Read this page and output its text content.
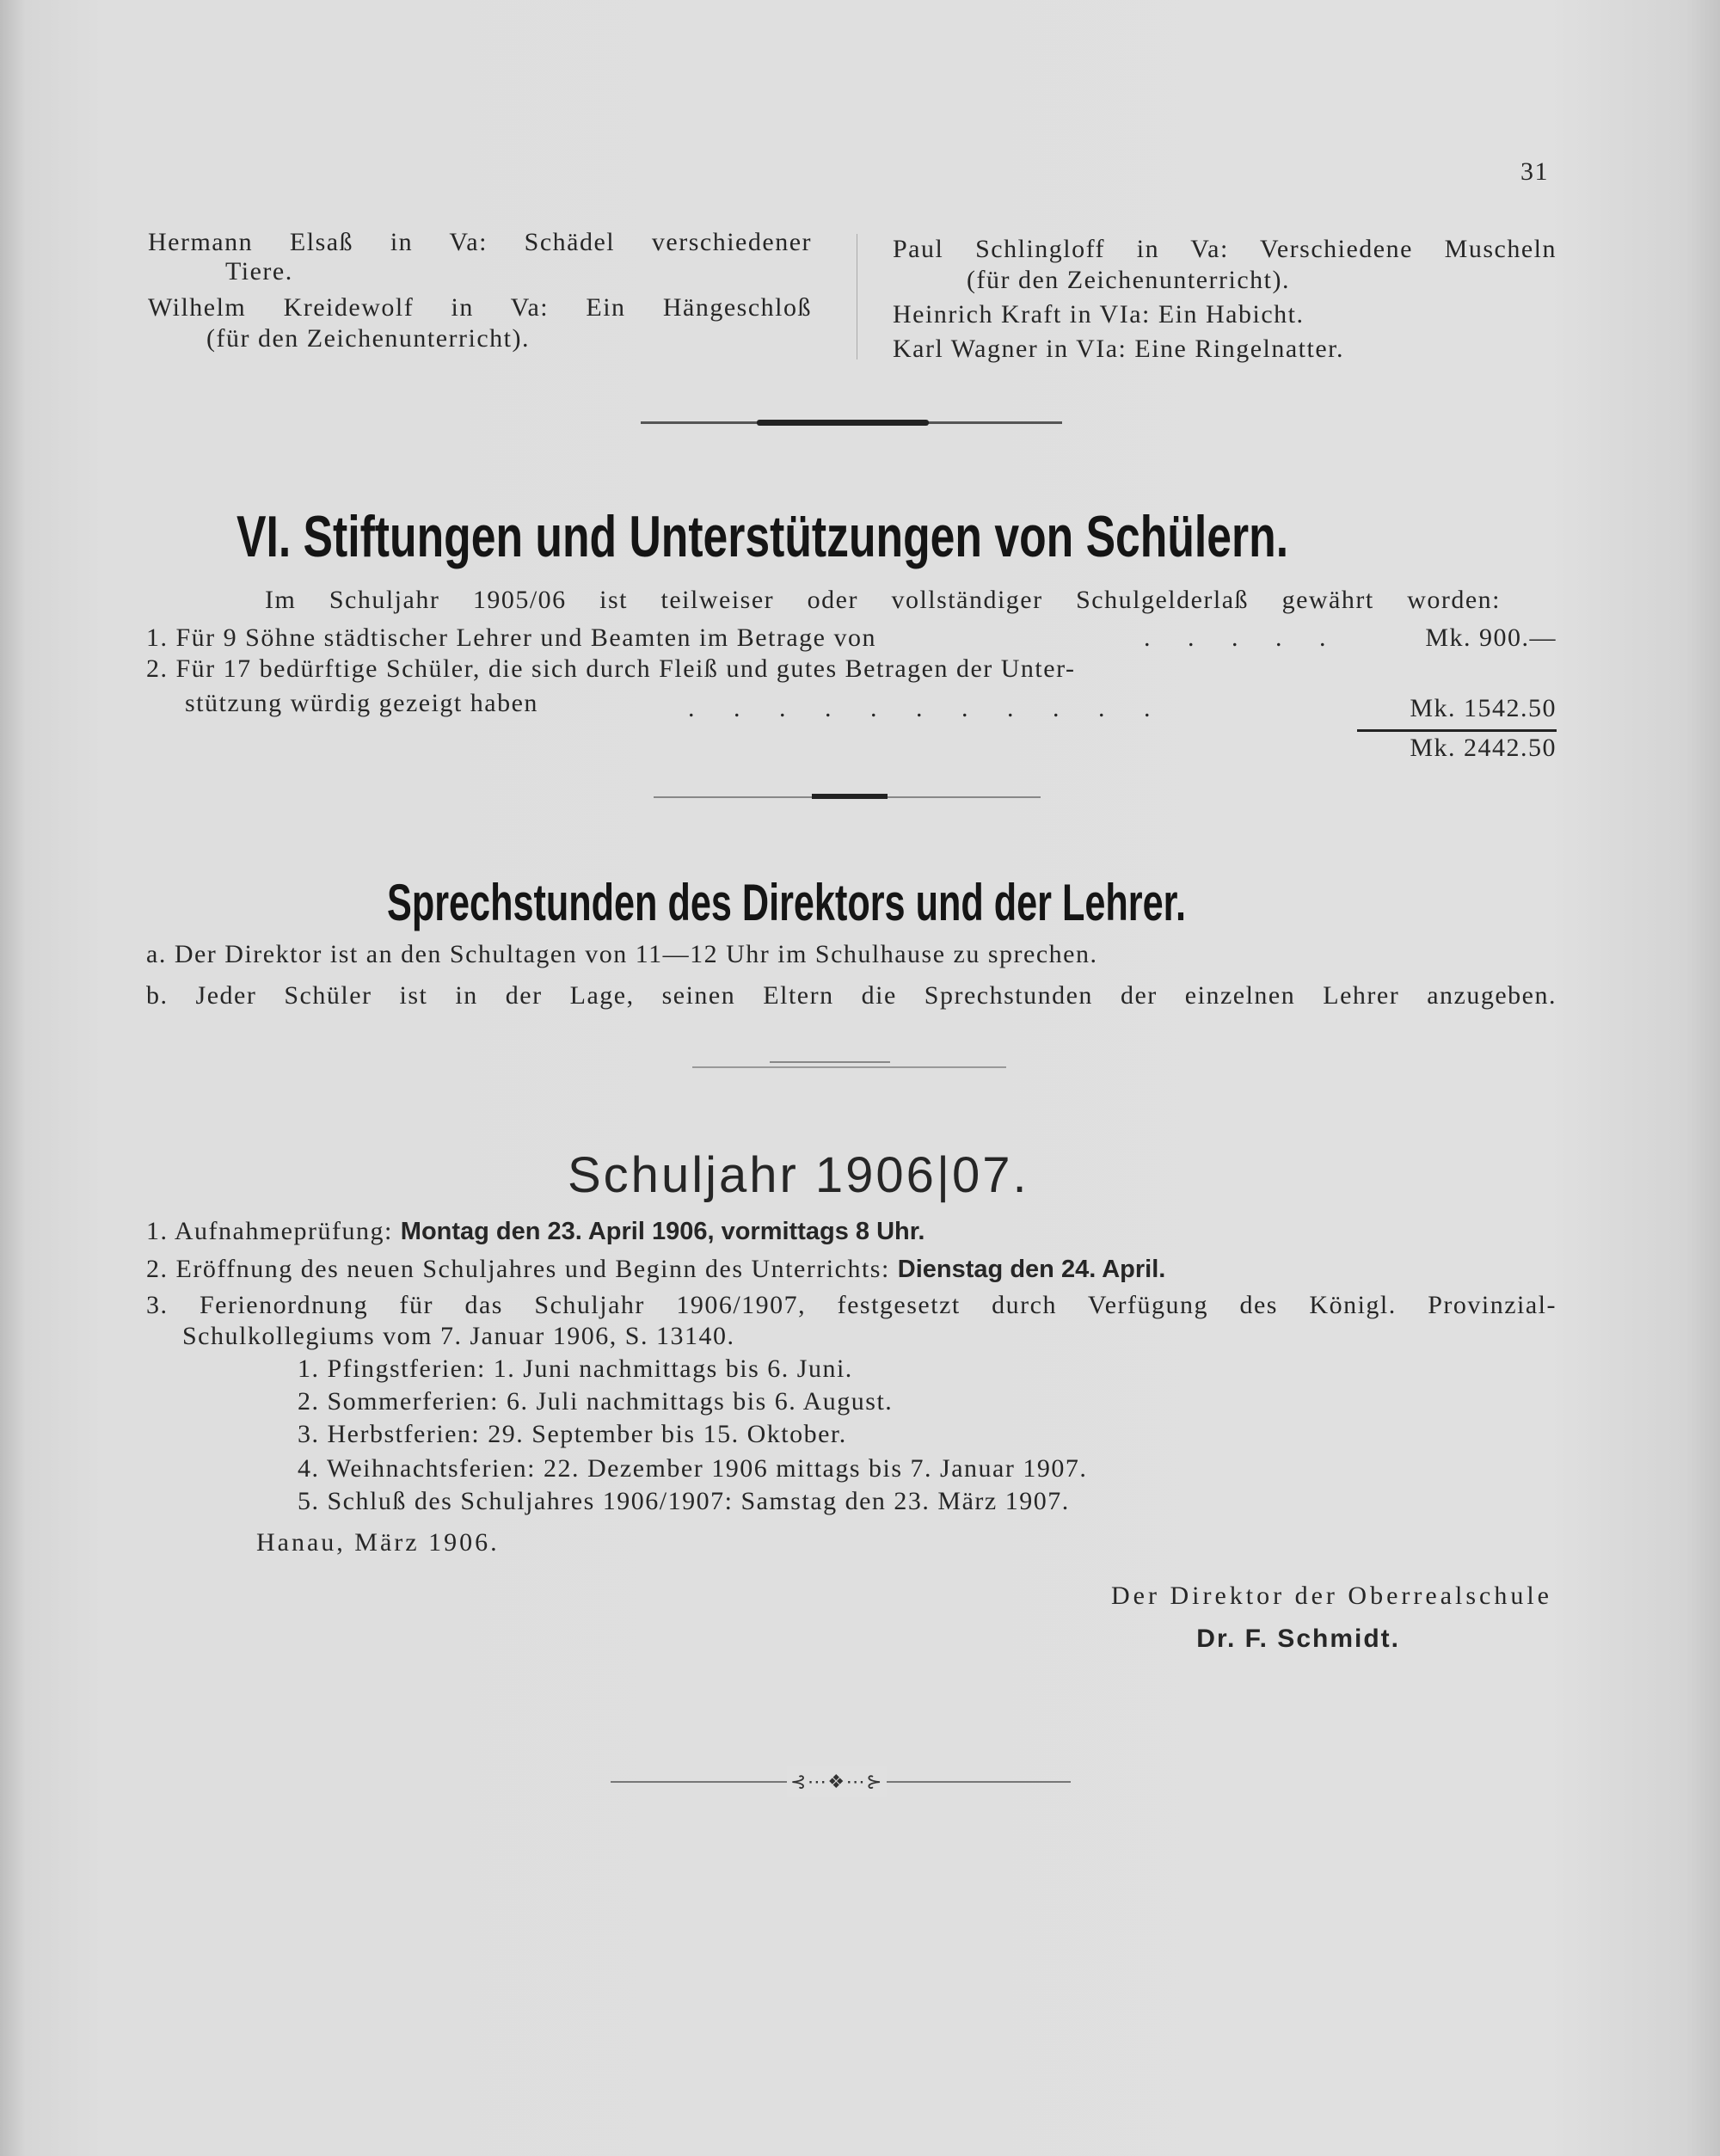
31
Hermann Elsaß in Va: Schädel verschiedener
Tiere.
Wilhelm Kreidewolf in Va: Ein Hängeschloß
(für den Zeichenunterricht).
Paul Schlingloff in Va: Verschiedene Muscheln
(für den Zeichenunterricht).
Heinrich Kraft in VIa: Ein Habicht.
Karl Wagner in VIa: Eine Ringelnatter.
VI. Stiftungen und Unterstützungen von Schülern.
Im Schuljahr 1905/06 ist teilweiser oder vollständiger Schulgelderlaß gewährt worden:
1. Für 9 Söhne städtischer Lehrer und Beamten im Betrage von	. . . . .	Mk. 900.—
2. Für 17 bedürftige Schüler, die sich durch Fleiß und gutes Betragen der Unter-
stützung würdig gezeigt haben	. . . . . . . . . . .	Mk. 1542.50
Mk. 2442.50
Sprechstunden des Direktors und der Lehrer.
a. Der Direktor ist an den Schultagen von 11—12 Uhr im Schulhause zu sprechen.
b. Jeder Schüler ist in der Lage, seinen Eltern die Sprechstunden der einzelnen Lehrer anzugeben.
Schuljahr 1906|07.
1. Aufnahmeprüfung: Montag den 23. April 1906, vormittags 8 Uhr.
2. Eröffnung des neuen Schuljahres und Beginn des Unterrichts: Dienstag den 24. April.
3. Ferienordnung für das Schuljahr 1906/1907, festgesetzt durch Verfügung des Königl. Provinzial-
Schulkollegiums vom 7. Januar 1906, S. 13140.
1. Pfingstferien: 1. Juni nachmittags bis 6. Juni.
2. Sommerferien: 6. Juli nachmittags bis 6. August.
3. Herbstferien: 29. September bis 15. Oktober.
4. Weihnachtsferien: 22. Dezember 1906 mittags bis 7. Januar 1907.
5. Schluß des Schuljahres 1906/1907: Samstag den 23. März 1907.
Hanau, März 1906.
Der Direktor der Oberrealschule
Dr. F. Schmidt.
⊰⋯❖⋯⊱
